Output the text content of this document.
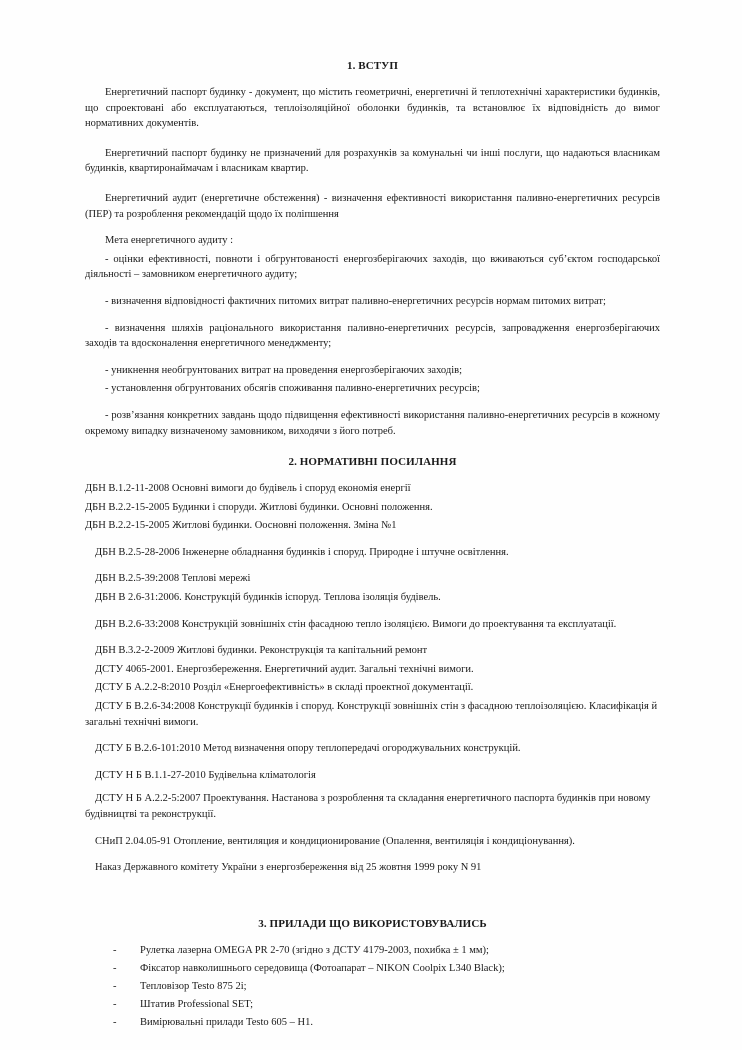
1. ВСТУП

Енергетичний паспорт будинку - документ, що містить геометричні, енергетичні й теплотехнічні характеристики будинків, що спроектовані або експлуатаються, теплоізоляційної оболонки будинків, та встановлює їх відповідність до вимог нормативних документів.

Енергетичний паспорт будинку не призначений для розрахунків за комунальні чи інші послуги, що надаються власникам будинків, квартиронаймачам і власникам квартир.

Енергетичний аудит (енергетичне обстеження) - визначення ефективності використання паливно-енергетичних ресурсів (ПЕР) та розроблення рекомендацій щодо їх поліпшення

Мета енергетичного аудиту :

- оцінки ефективності, повноти і обгрунтованості енергозберігаючих заходів, що вживаються субʼєктом господарської діяльності – замовником енергетичного аудиту;

- визначення відповідності фактичних питомих витрат паливно-енергетичних ресурсів нормам питомих витрат;

- визначення шляхів раціонального використання паливно-енергетичних ресурсів, запровадження енергозберігаючих заходів та вдосконалення енергетичного менеджменту;

- уникнення необгрунтованих витрат на проведення енергозберігаючих заходів;

- установлення обгрунтованих обсягів споживання паливно-енергетичних ресурсів;

- розв’язання конкретних завдань щодо підвищення ефективності використання паливно-енергетичних ресурсів в кожному окремому випадку визначеному замовником, виходячи з його потреб.

2. НОРМАТИВНІ ПОСИЛАННЯ

ДБН В.1.2-11-2008 Основні вимоги до будівель і споруд економія енергії

ДБН В.2.2-15-2005 Будинки і споруди. Житлові будинки. Основні положення.

ДБН В.2.2-15-2005 Житлові будинки. Оосновні положення. Зміна №1

ДБН В.2.5-28-2006 Інженерне обладнання будинків і споруд. Природне і штучне освітлення.

ДБН В.2.5-39:2008 Теплові мережі

ДБН В 2.6-31:2006. Конструкцій будинків іспоруд. Теплова ізоляція будівель.

ДБН В.2.6-33:2008 Конструкцій зовнішніх стін фасадною тепло ізоляцією. Вимоги до проектування та експлуатації.

ДБН В.3.2-2-2009 Житлові будинки. Реконструкція та капітальний ремонт

ДСТУ 4065-2001. Енергозбереження. Енергетичний аудит. Загальні технічні вимоги.

ДСТУ Б А.2.2-8:2010 Розділ «Енергоефективність» в складі проектної документації.

ДСТУ Б В.2.6-34:2008 Конструкції будинків і споруд. Конструкції зовнішніх стін з фасадною теплоізоляцією. Класифікація й загальні технічні вимоги.

ДСТУ Б В.2.6-101:2010 Метод визначення опору теплопередачі огороджувальних конструкцій.

ДСТУ Н Б В.1.1-27-2010 Будівельна кліматологія

ДСТУ Н Б А.2.2-5:2007 Проектування. Настанова з розроблення та складання енергетичного паспорта будинків при новому будівництві та реконструкції.

СНиП 2.04.05-91 Отопление, вентиляция и кондиционирование (Опалення, вентиляція і кондиціонування).

Наказ Державного комітету України з енергозбереження від 25 жовтня 1999 року N 91

3. ПРИЛАДИ ЩО ВИКОРИСТОВУВАЛИСЬ
- Рулетка лазерна OMEGA PR 2-70 (згідно з ДСТУ 4179-2003, похибка ± 1 мм);
- Фіксатор навколишнього середовища (Фотоапарат – NIKON Coolpix L340 Black);
- Тепловізор Testo 875 2i;
- Штатив Professional SET;
- Вимірювальні прилади Testo 605 – H1.
